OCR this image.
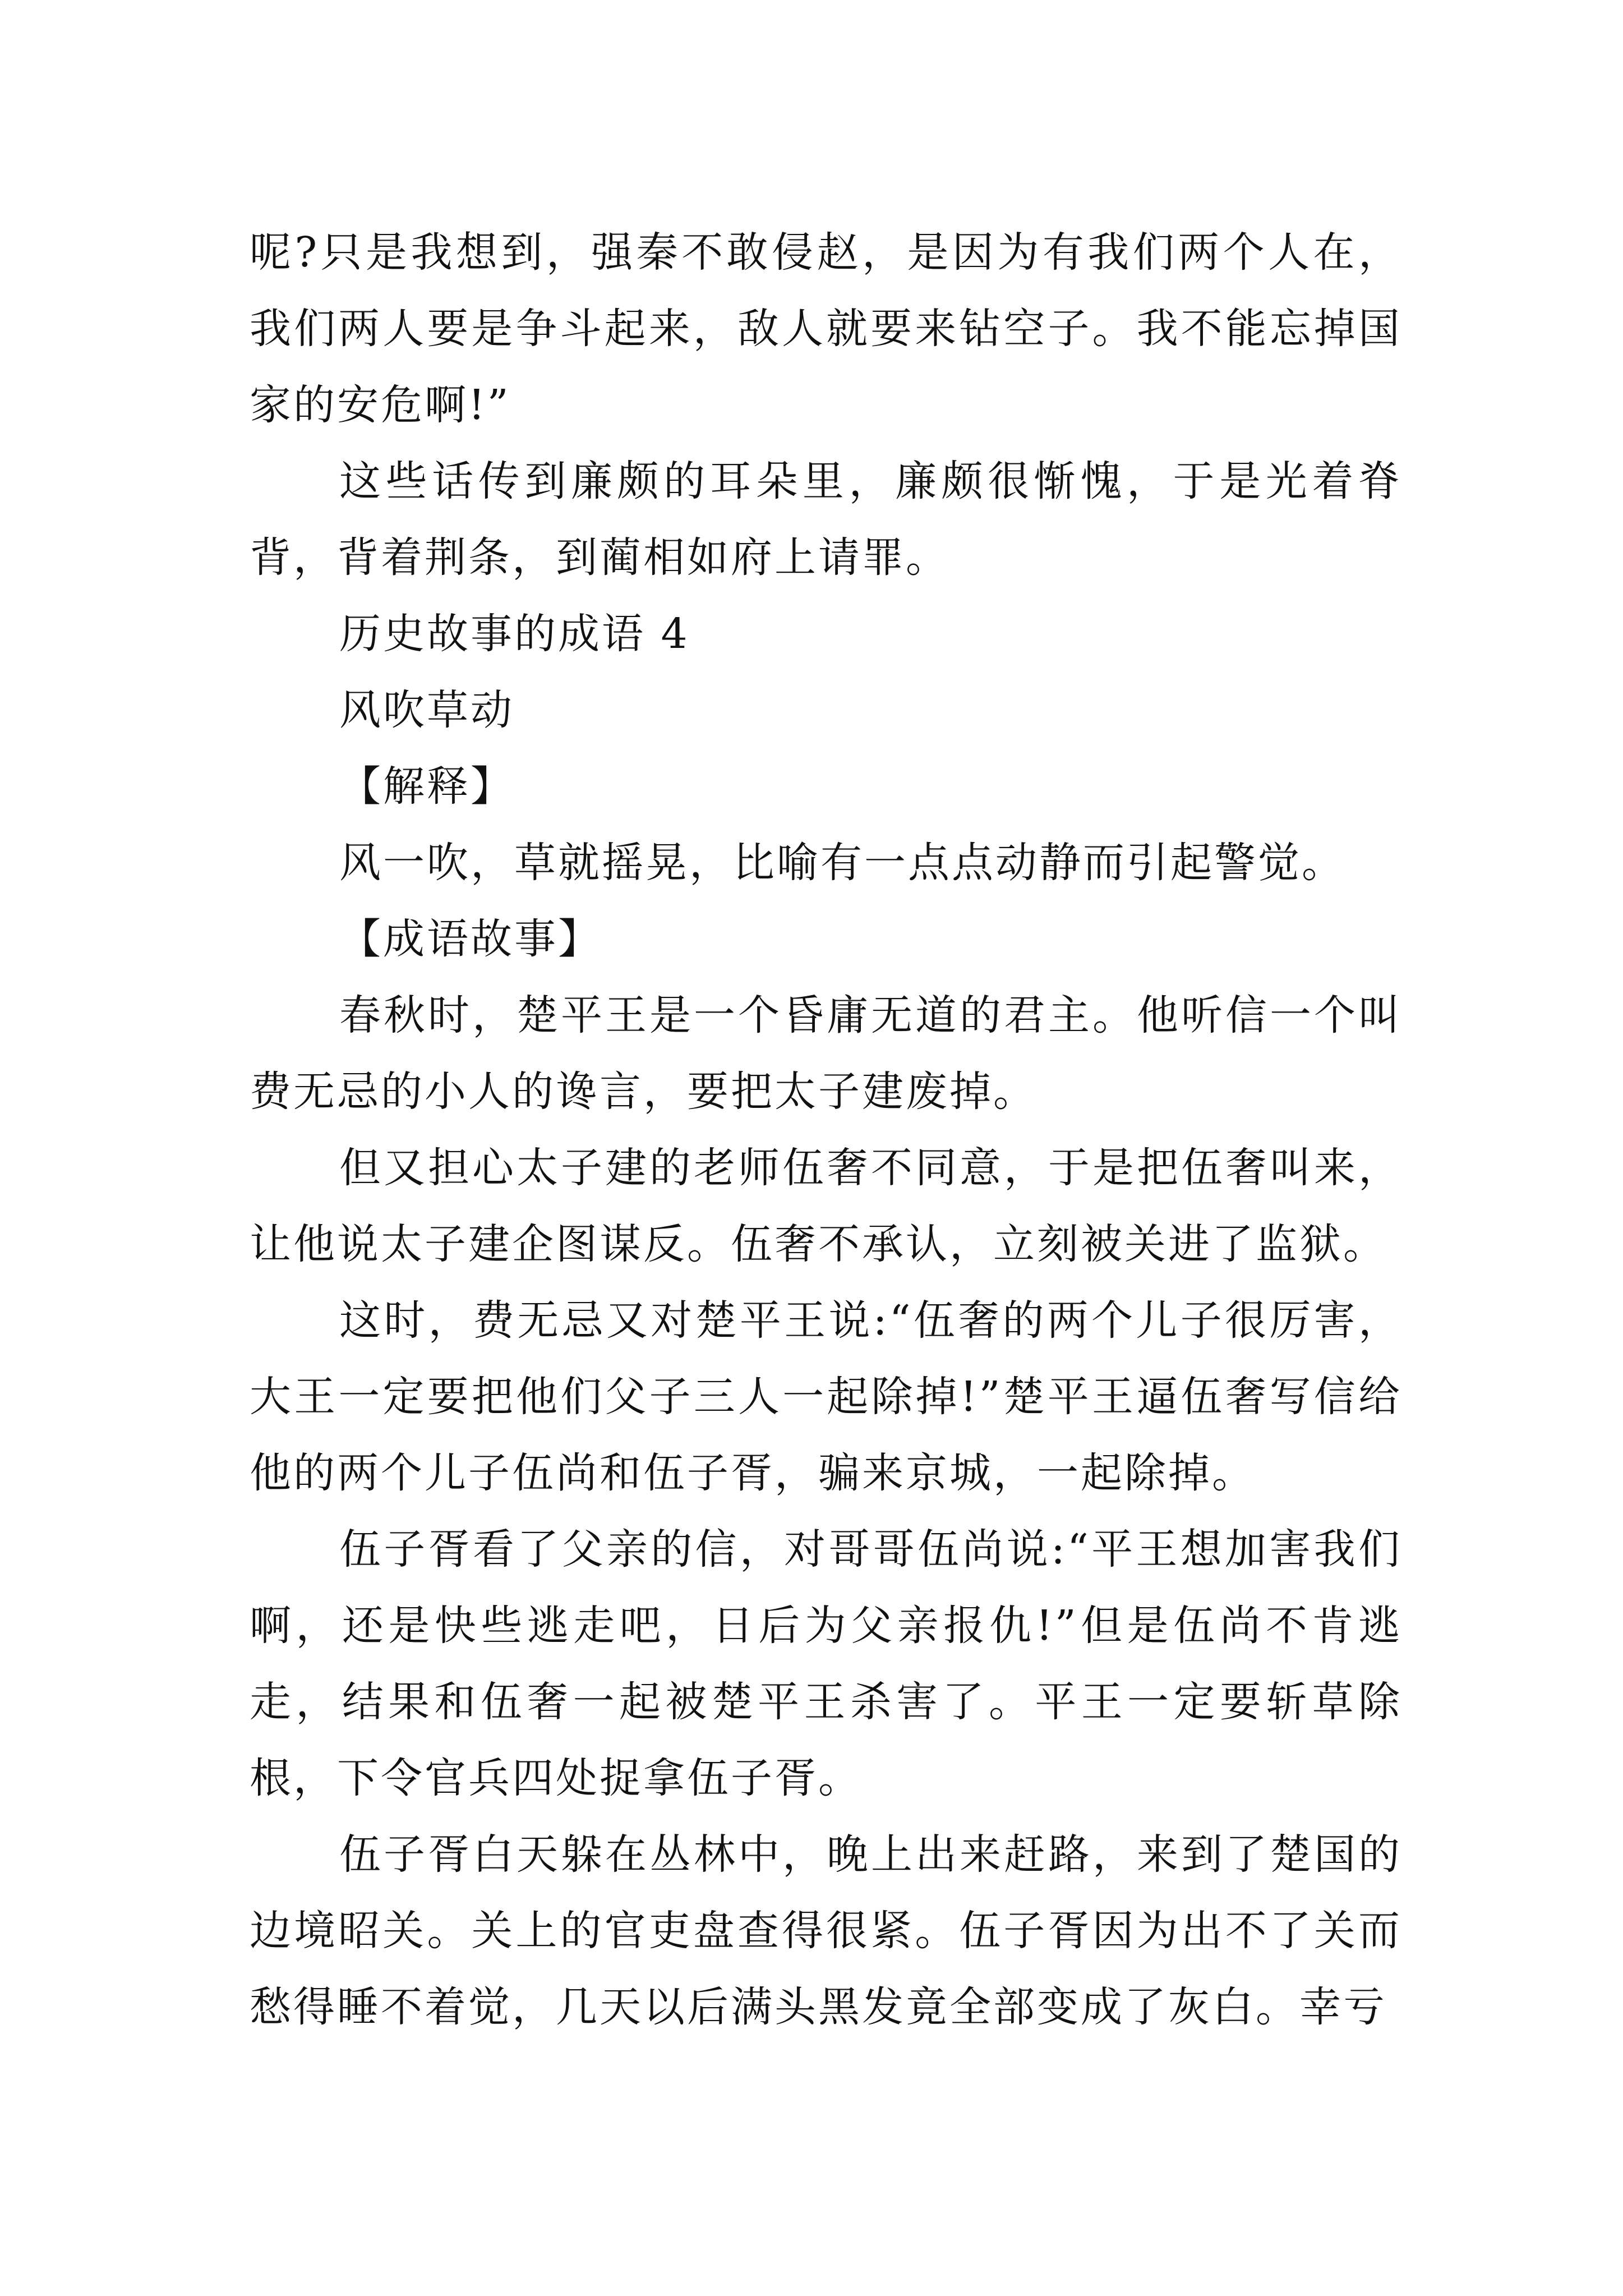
呢?只是我想到，强秦不敢侵赵，是因为有我们两个人在，我们两人要是争斗起来，敌人就要来钻空子。我不能忘掉国家的安危啊!”

这些话传到廉颇的耳朵里，廉颇很惭愧，于是光着脊背，背着荆条，到蔺相如府上请罪。

历史故事的成语 4

风吹草动

【解释】

风一吹，草就摇晃，比喻有一点点动静而引起警觉。

【成语故事】

春秋时，楚平王是一个昏庸无道的君主。他听信一个叫费无忌的小人的谗言，要把太子建废掉。

但又担心太子建的老师伍奢不同意，于是把伍奢叫来，让他说太子建企图谋反。伍奢不承认，立刻被关进了监狱。

这时，费无忌又对楚平王说:“伍奢的两个儿子很厉害，大王一定要把他们父子三人一起除掉!”楚平王逼伍奢写信给他的两个儿子伍尚和伍子胥，骗来京城，一起除掉。

伍子胥看了父亲的信，对哥哥伍尚说:“平王想加害我们啊，还是快些逃走吧，日后为父亲报仇!”但是伍尚不肯逃走，结果和伍奢一起被楚平王杀害了。平王一定要斩草除根，下令官兵四处捉拿伍子胥。

伍子胥白天躲在丛林中，晚上出来赶路，来到了楚国的边境昭关。关上的官吏盘查得很紧。伍子胥因为出不了关而愁得睡不着觉，几天以后满头黑发竟全部变成了灰白。幸亏
